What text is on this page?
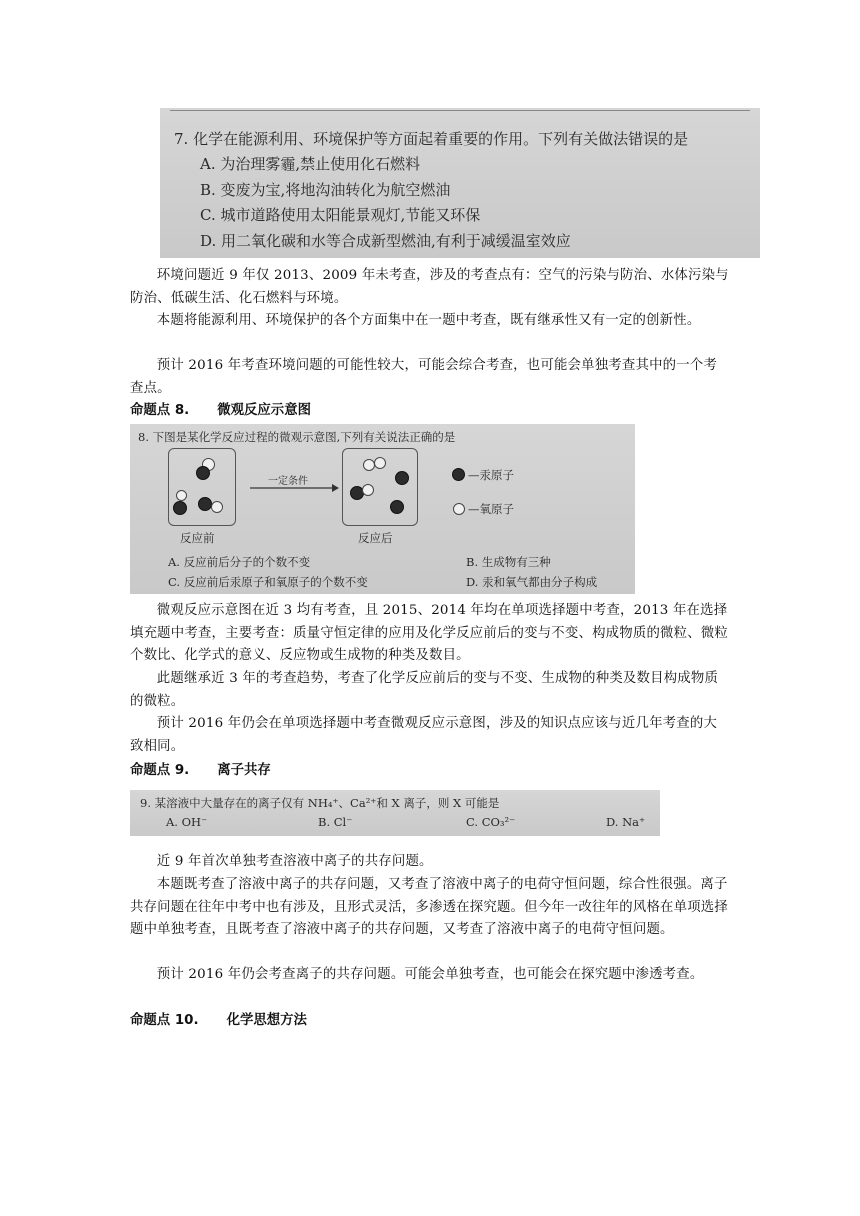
7. 化学在能源利用、环境保护等方面起着重要的作用。下列有关做法错误的是
A. 为治理雾霾,禁止使用化石燃料
B. 变废为宝,将地沟油转化为航空燃油
C. 城市道路使用太阳能景观灯,节能又环保
D. 用二氧化碳和水等合成新型燃油,有利于减缓温室效应

环境问题近 9 年仅 2013、2009 年未考查，涉及的考查点有：空气的污染与防治、水体污染与防治、低碳生活、化石燃料与环境。

本题将能源利用、环境保护的各个方面集中在一题中考查，既有继承性又有一定的创新性。

预计 2016 年考查环境问题的可能性较大，可能会综合考查，也可能会单独考查其中的一个考查点。

命题点 8. 微观反应示意图
8. 下图是某化学反应过程的微观示意图,下列有关说法正确的是
反应前
一定条件
反应后
—汞原子
—氧原子
A. 反应前后分子的个数不变	B. 生成物有三种
C. 反应前后汞原子和氧原子的个数不变	D. 汞和氧气都由分子构成

微观反应示意图在近 3 均有考查，且 2015、2014 年均在单项选择题中考查，2013 年在选择填充题中考查，主要考查：质量守恒定律的应用及化学反应前后的变与不变、构成物质的微粒、微粒个数比、化学式的意义、反应物或生成物的种类及数目。

此题继承近 3 年的考查趋势，考查了化学反应前后的变与不变、生成物的种类及数目构成物质的微粒。

预计 2016 年仍会在单项选择题中考查微观反应示意图，涉及的知识点应该与近几年考查的大致相同。

命题点 9. 离子共存
9. 某溶液中大量存在的离子仅有 NH₄⁺、Ca²⁺和 X 离子，则 X 可能是
A. OH⁻	B. Cl⁻	C. CO₃²⁻	D. Na⁺

近 9 年首次单独考查溶液中离子的共存问题。

本题既考查了溶液中离子的共存问题，又考查了溶液中离子的电荷守恒问题，综合性很强。离子共存问题在往年中考中也有涉及，且形式灵活，多渗透在探究题。但今年一改往年的风格在单项选择题中单独考查，且既考查了溶液中离子的共存问题，又考查了溶液中离子的电荷守恒问题。

预计 2016 年仍会考查离子的共存问题。可能会单独考查，也可能会在探究题中渗透考查。

命题点 10. 化学思想方法
